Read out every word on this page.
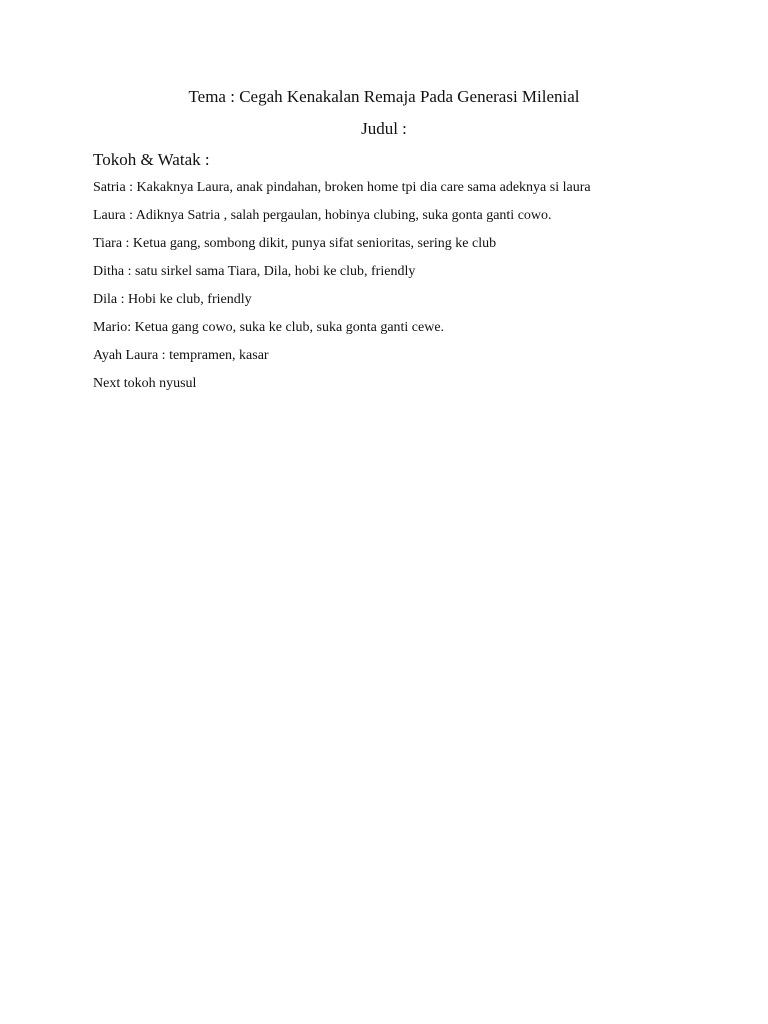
Tema : Cegah Kenakalan Remaja Pada Generasi Milenial
Judul :
Tokoh & Watak :
Satria : Kakaknya Laura, anak pindahan, broken home tpi dia care sama adeknya si laura
Laura : Adiknya Satria , salah pergaulan, hobinya clubing, suka gonta ganti cowo.
Tiara : Ketua gang, sombong dikit, punya sifat senioritas, sering ke club
Ditha : satu sirkel sama Tiara, Dila, hobi ke club, friendly
Dila : Hobi ke club, friendly
Mario: Ketua gang cowo, suka ke club, suka gonta ganti cewe.
Ayah Laura : tempramen, kasar
Next tokoh nyusul
